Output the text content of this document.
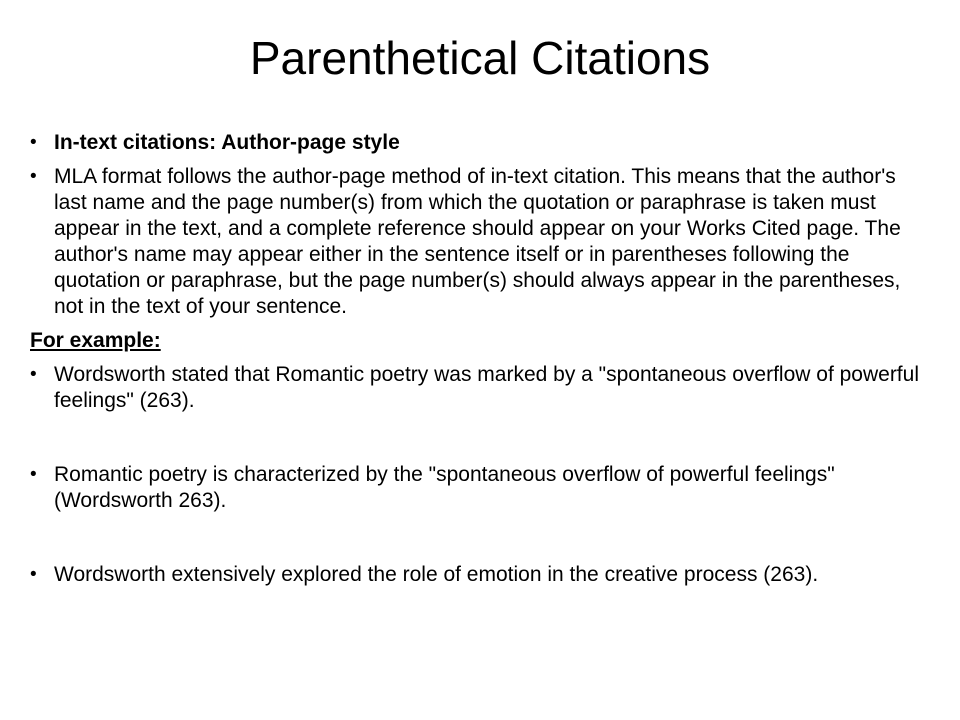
Parenthetical Citations
• In-text citations: Author-page style
• MLA format follows the author-page method of in-text citation. This means that the author's last name and the page number(s) from which the quotation or paraphrase is taken must appear in the text, and a complete reference should appear on your Works Cited page. The author's name may appear either in the sentence itself or in parentheses following the quotation or paraphrase, but the page number(s) should always appear in the parentheses, not in the text of your sentence.
For example:
• Wordsworth stated that Romantic poetry was marked by a "spontaneous overflow of powerful feelings" (263).
• Romantic poetry is characterized by the "spontaneous overflow of powerful feelings" (Wordsworth 263).
• Wordsworth extensively explored the role of emotion in the creative process (263).
